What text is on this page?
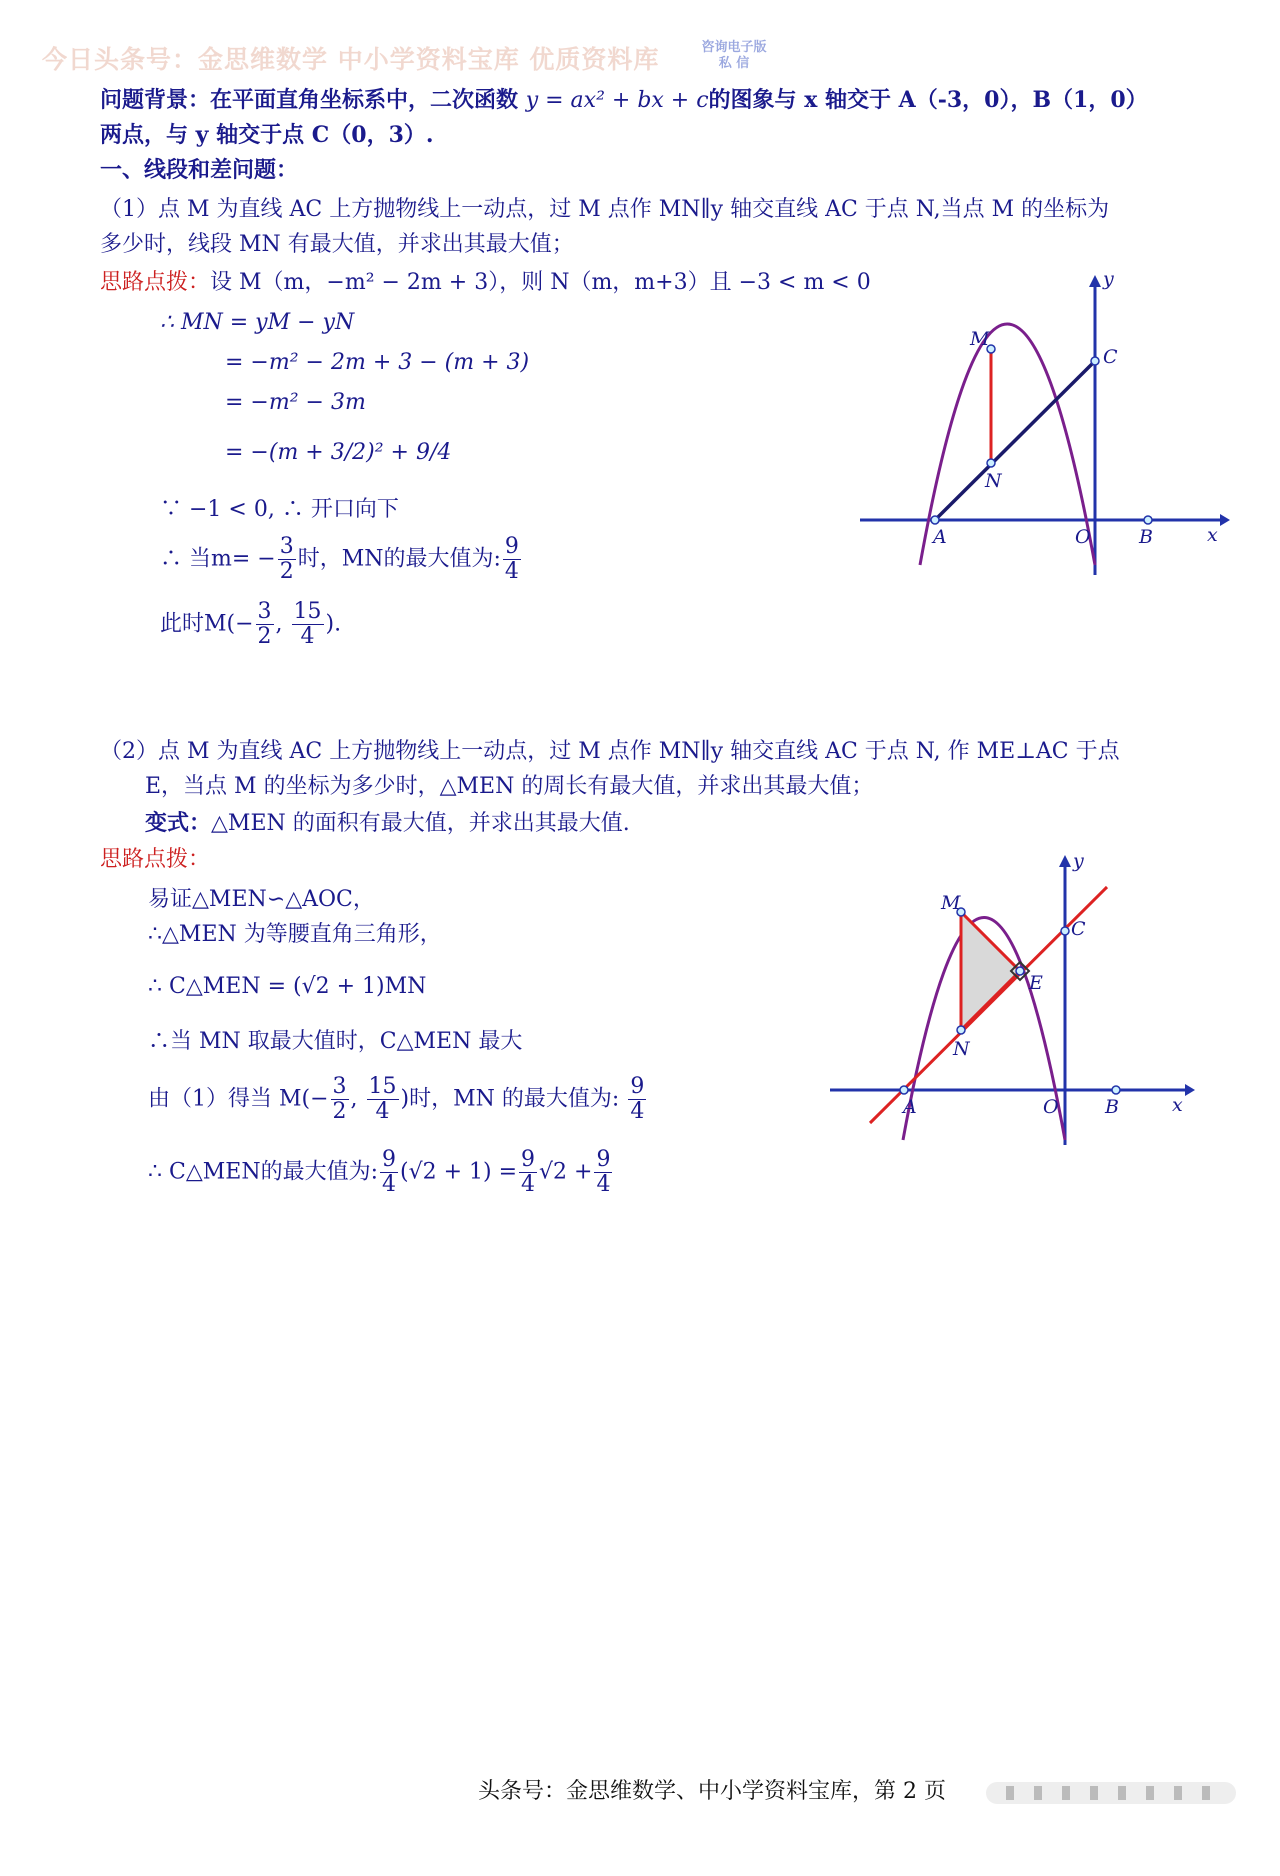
今日头条号：金思维数学 中小学资料宝库 优质资料库	咨询电子版
私 信
问题背景：在平面直角坐标系中，二次函数 y = ax² + bx + c的图象与 x 轴交于 A（-3，0），B（1，0）
两点，与 y 轴交于点 C（0，3）.
一、线段和差问题：
（1）点 M 为直线 AC 上方抛物线上一动点，过 M 点作 MN∥y 轴交直线 AC 于点 N,当点 M 的坐标为
多少时，线段 MN 有最大值，并求出其最大值；
思路点拨：设 M（m，−m² − 2m + 3），则 N（m，m+3）且 −3 < m < 0
∴ MN = yM − yN
= −m² − 2m + 3 − (m + 3)
= −m² − 3m
= −(m + 3/2)² + 9/4
∵ −1 < 0, ∴ 开口向下
∴ 当$m= - \frac{3}{2}$ 时，MN的最大值为: $\frac{9}{4}$
此时$M(- \frac{3}{2}$ , $\frac{15}{4}$ ).
M
N
C
A	O	B	x
y
（2）点 M 为直线 AC 上方抛物线上一动点，过 M 点作 MN∥y 轴交直线 AC 于点 N, 作 ME⊥AC 于点
E，当点 M 的坐标为多少时，△MEN 的周长有最大值，并求出其最大值；
变式：△MEN 的面积有最大值，并求出其最大值.
思路点拨：
易证△MEN∽△AOC，
∴△MEN 为等腰直角三角形，
∴ C△MEN = (√2 + 1)MN
∴当 MN 取最大值时，C△MEN 最大
由（1）得当 $M(- \frac{3}{2}$ , $\frac{15}{4}$ )时，MN 的最大值为: $\frac{9}{4}$
∴ C△MEN的最大值为: $\frac{9}{4} (√2 + 1) = \frac{9}{4} √2 + \frac{9}{4}$
M
N
E
C
A	O B	x
y
头条号：金思维数学、中小学资料宝库，第 2 页
